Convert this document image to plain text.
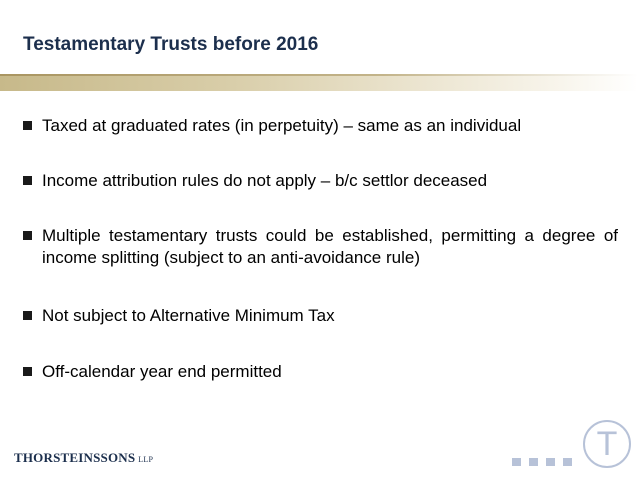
Testamentary Trusts before 2016
Taxed at graduated rates (in perpetuity) – same as an individual
Income attribution rules do not apply – b/c settlor deceased
Multiple testamentary trusts could be established, permitting a degree of income splitting (subject to an anti-avoidance rule)
Not subject to Alternative Minimum Tax
Off-calendar year end permitted
THORSTEINSSONS LLP	T
